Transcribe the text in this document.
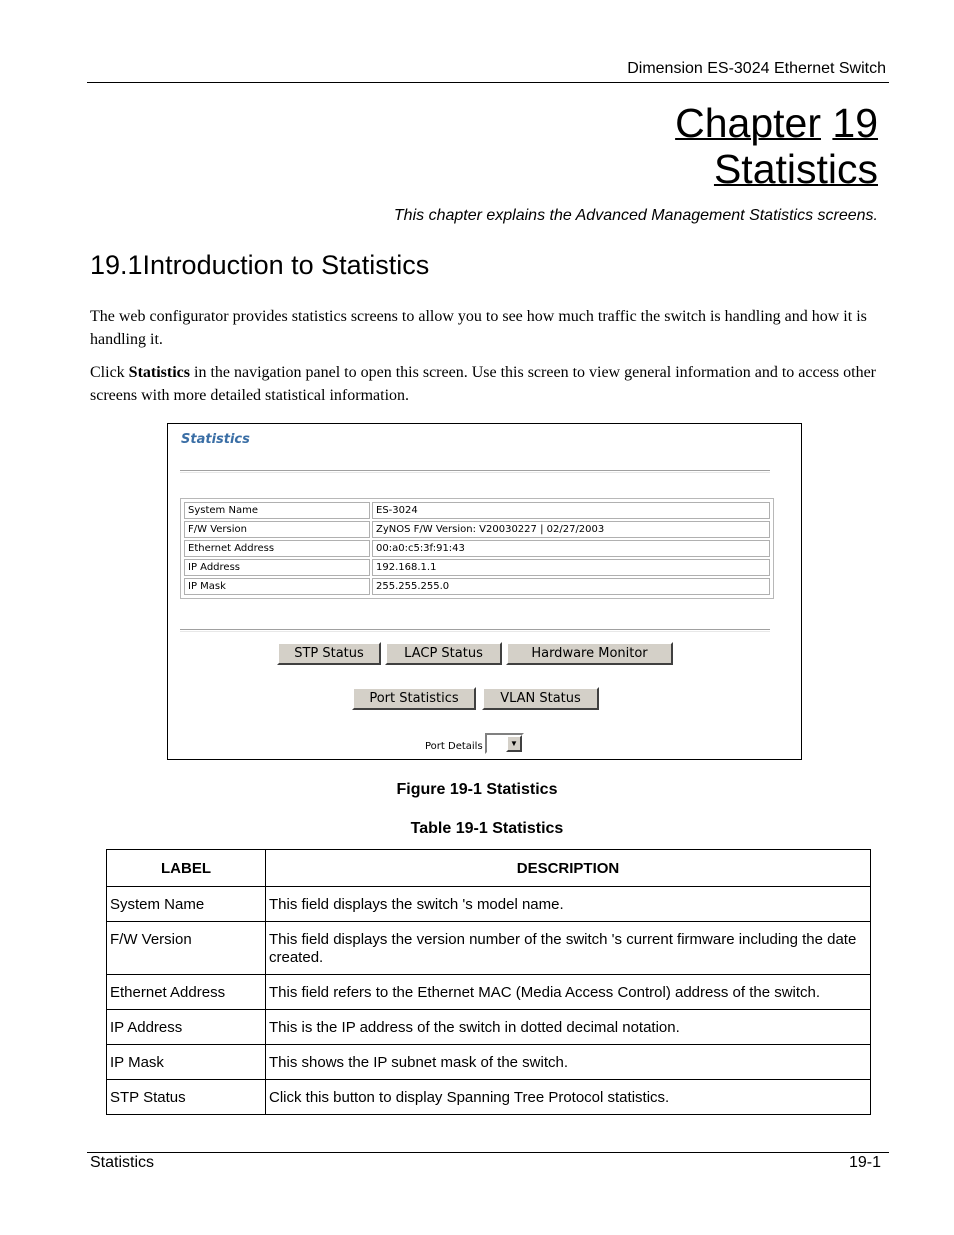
Dimension ES-3024 Ethernet Switch
Chapter 19
Statistics
This chapter explains the Advanced Management Statistics screens.
19.1Introduction to Statistics
The web configurator provides statistics screens to allow you to see how much traffic the switch is handling and how it is handling it.
Click Statistics in the navigation panel to open this screen. Use this screen to view general information and to access other screens with more detailed statistical information.
Statistics
System Name	ES-3024
F/W Version	ZyNOS F/W Version: V20030227 | 02/27/2003
Ethernet Address	00:a0:c5:3f:91:43
IP Address	192.168.1.1
IP Mask	255.255.255.0
STP Status	LACP Status	Hardware Monitor
Port Statistics	VLAN Status
Port Details	▼
Figure 19-1 Statistics
Table 19-1 Statistics
LABEL	DESCRIPTION
System Name	This field displays the switch 's model name.
F/W Version	This field displays the version number of the switch 's current firmware including the date created.
Ethernet Address	This field refers to the Ethernet MAC (Media Access Control) address of the switch.
IP Address	This is the IP address of the switch in dotted decimal notation.
IP Mask	This shows the IP subnet mask of the switch.
STP Status	Click this button to display Spanning Tree Protocol statistics.
Statistics	19-1
